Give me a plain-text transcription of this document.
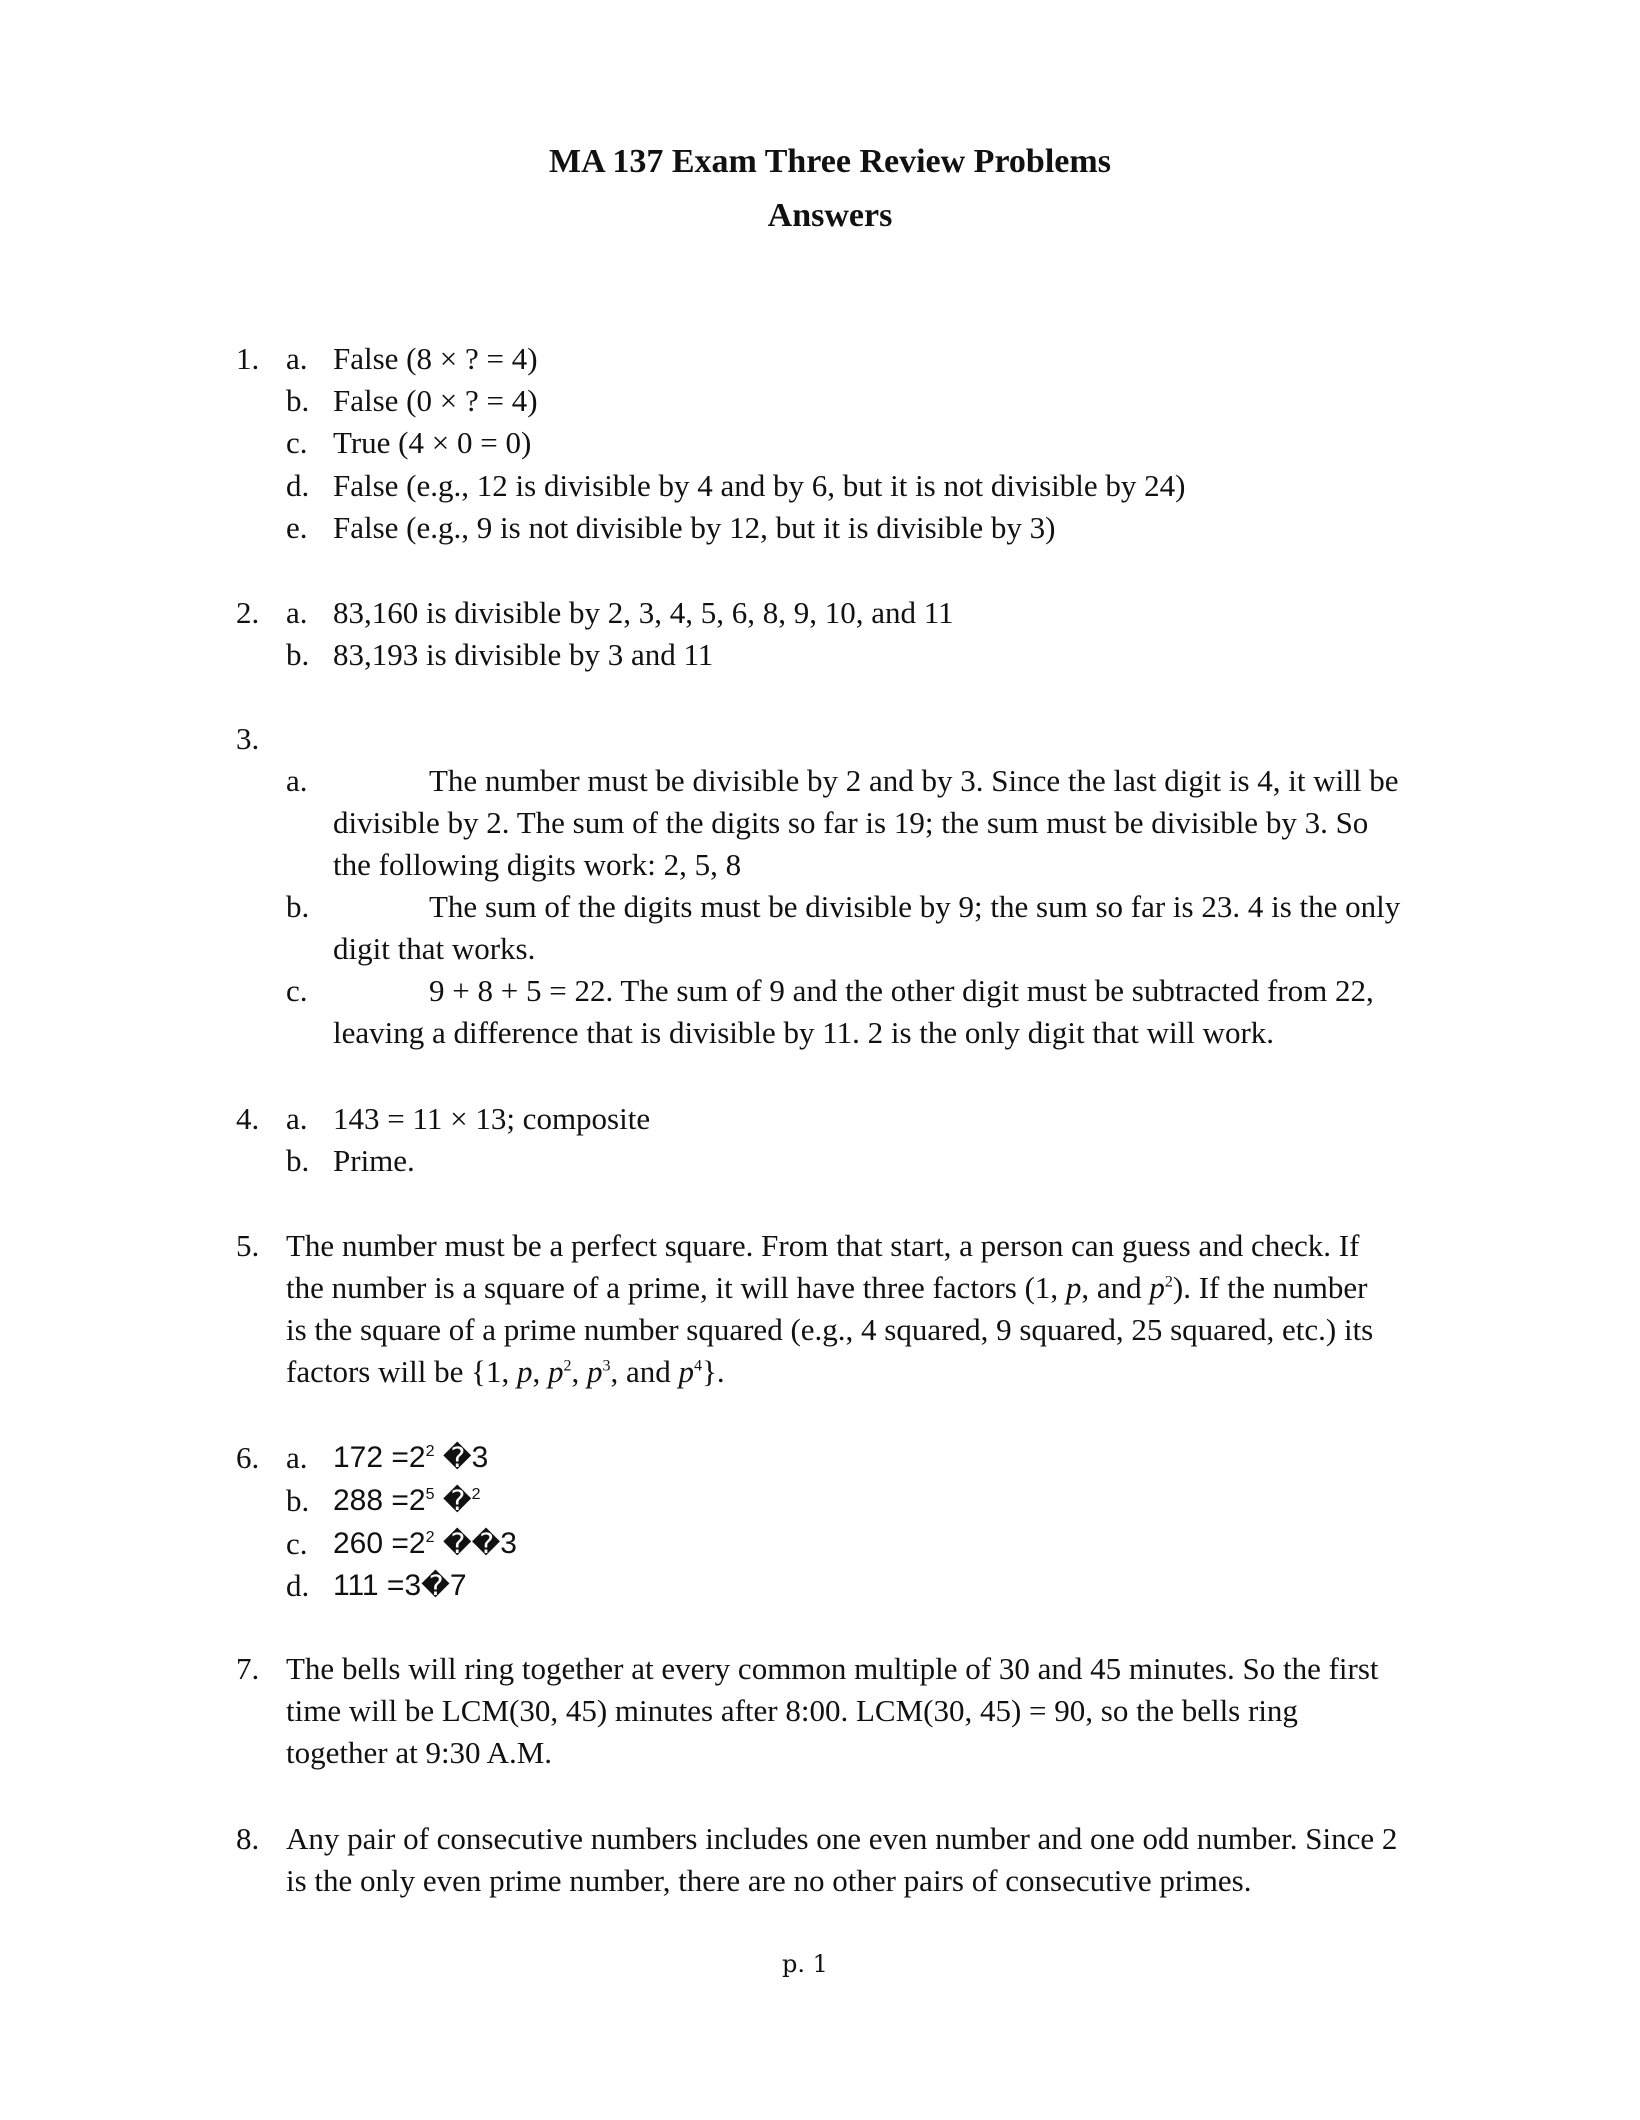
MA 137 Exam Three Review Problems
Answers
1. a. False (8 × ? = 4)
b. False (0 × ? = 4)
c. True (4 × 0 = 0)
d. False (e.g., 12 is divisible by 4 and by 6, but it is not divisible by 24)
e. False (e.g., 9 is not divisible by 12, but it is divisible by 3)
2. a. 83,160 is divisible by 2, 3, 4, 5, 6, 8, 9, 10, and 11
b. 83,193 is divisible by 3 and 11
3.
a.	The number must be divisible by 2 and by 3. Since the last digit is 4, it will be
divisible by 2. The sum of the digits so far is 19; the sum must be divisible by 3. So
the following digits work: 2, 5, 8
b.	The sum of the digits must be divisible by 9; the sum so far is 23. 4 is the only
digit that works.
c.	9 + 8 + 5 = 22. The sum of 9 and the other digit must be subtracted from 22,
leaving a difference that is divisible by 11. 2 is the only digit that will work.
4. a. 143 = 11 × 13; composite
b. Prime.
5. The number must be a perfect square. From that start, a person can guess and check. If
the number is a square of a prime, it will have three factors (1, p, and $p^2$). If the number
is the square of a prime number squared (e.g., 4 squared, 9 squared, 25 squared, etc.) its
factors will be {1, p, $p^2$, $p^3$, and $p^4$}.
6. a. $172 =2^2$ �3
b. $288 =2^5$ �$^2$
c. $260 =2^2$ ��3
d. 111 =3�7
7. The bells will ring together at every common multiple of 30 and 45 minutes. So the first
time will be LCM(30, 45) minutes after 8:00. LCM(30, 45) = 90, so the bells ring
together at 9:30 A.M.
8. Any pair of consecutive numbers includes one even number and one odd number. Since 2
is the only even prime number, there are no other pairs of consecutive primes.
p. 1
